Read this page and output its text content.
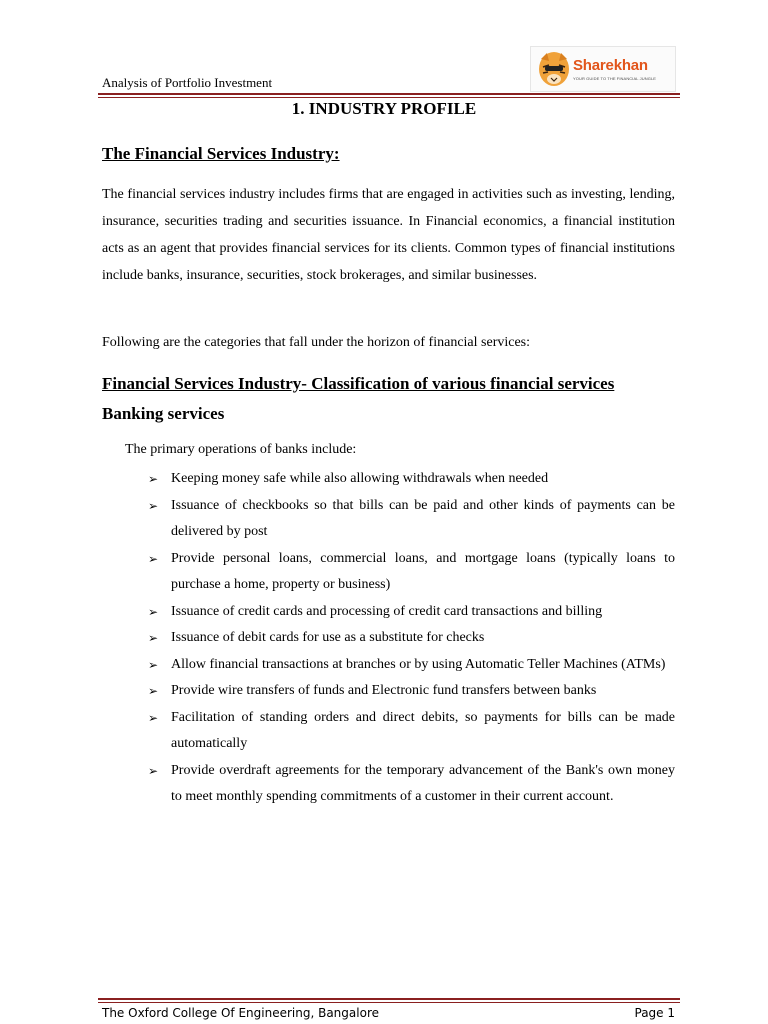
Analysis of Portfolio Investment
Sharekhan
YOUR GUIDE TO THE FINANCIAL JUNGLE
1. INDUSTRY PROFILE
The Financial Services Industry:
The financial services industry includes firms that are engaged in activities such as investing, lending, insurance, securities trading and securities issuance. In Financial economics, a financial institution acts as an agent that provides financial services for its clients. Common types of financial institutions include banks, insurance, securities, stock brokerages, and similar businesses.
Following are the categories that fall under the horizon of financial services:
Financial Services Industry- Classification of various financial services
Banking services
The primary operations of banks include:
➢ Keeping money safe while also allowing withdrawals when needed
➢ Issuance of checkbooks so that bills can be paid and other kinds of payments can be delivered by post
➢ Provide personal loans, commercial loans, and mortgage loans (typically loans to purchase a home, property or business)
➢ Issuance of credit cards and processing of credit card transactions and billing
➢ Issuance of debit cards for use as a substitute for checks
➢ Allow financial transactions at branches or by using Automatic Teller Machines (ATMs)
➢ Provide wire transfers of funds and Electronic fund transfers between banks
➢ Facilitation of standing orders and direct debits, so payments for bills can be made automatically
➢ Provide overdraft agreements for the temporary advancement of the Bank's own money to meet monthly spending commitments of a customer in their current account.
The Oxford College Of Engineering, Bangalore	Page 1
